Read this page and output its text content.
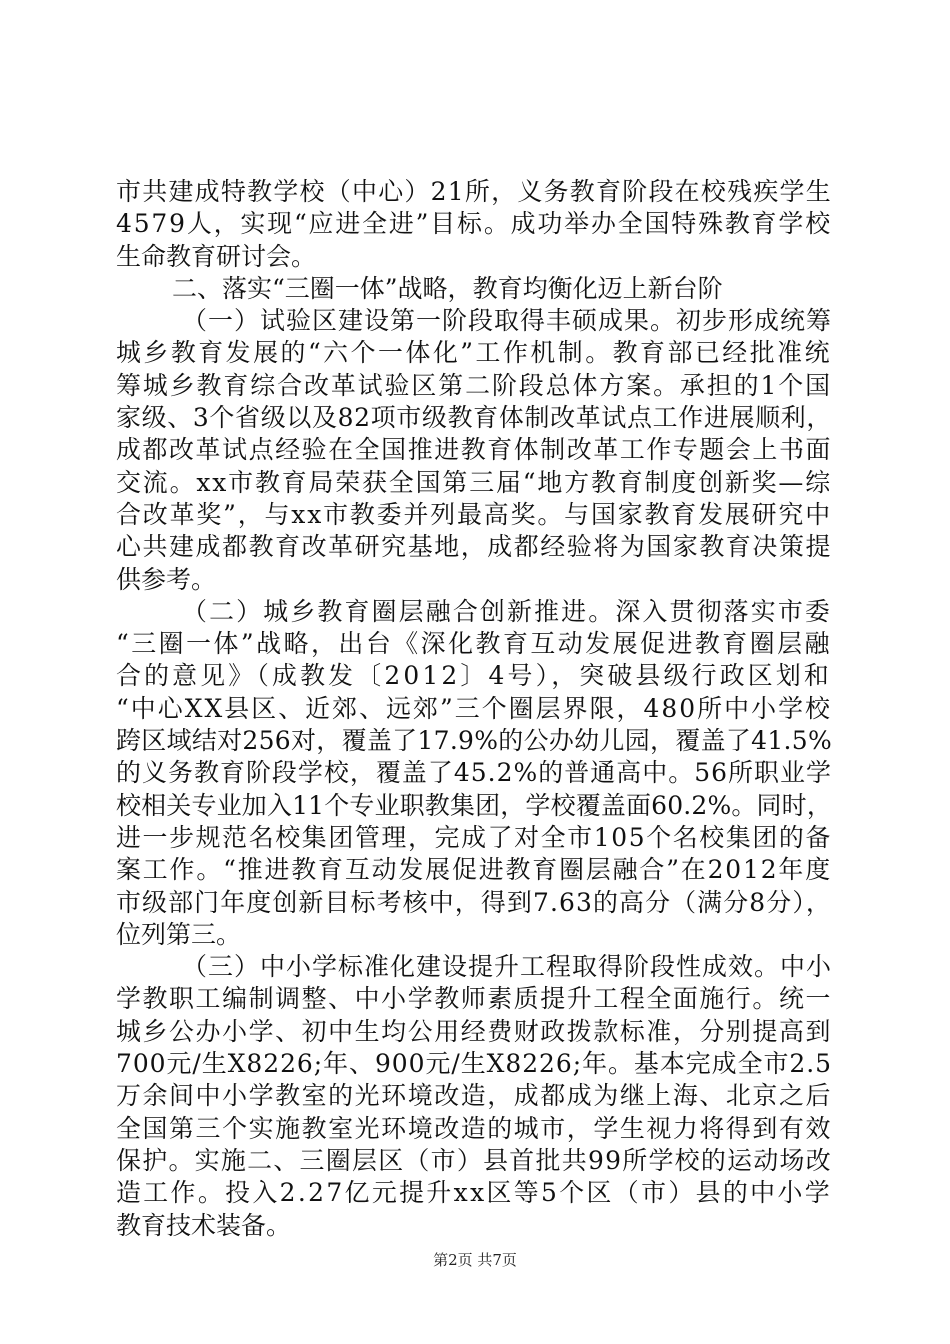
市共建成特教学校（中心）21所，义务教育阶段在校残疾学生
4579人，实现“应进全进”目标。成功举办全国特殊教育学校
生命教育研讨会。
二、落实“三圈一体”战略，教育均衡化迈上新台阶
（一）试验区建设第一阶段取得丰硕成果。初步形成统筹
城乡教育发展的“六个一体化”工作机制。教育部已经批准统
筹城乡教育综合改革试验区第二阶段总体方案。承担的1个国
家级、3个省级以及82项市级教育体制改革试点工作进展顺利，
成都改革试点经验在全国推进教育体制改革工作专题会上书面
交流。xx市教育局荣获全国第三届“地方教育制度创新奖—综
合改革奖”，与xx市教委并列最高奖。与国家教育发展研究中
心共建成都教育改革研究基地，成都经验将为国家教育决策提
供参考。
（二）城乡教育圈层融合创新推进。深入贯彻落实市委
“三圈一体”战略，出台《深化教育互动发展促进教育圈层融
合的意见》（成教发〔2012〕4号），突破县级行政区划和
“中心XX县区、近郊、远郊”三个圈层界限，480所中小学校
跨区域结对256对，覆盖了17.9%的公办幼儿园，覆盖了41.5%
的义务教育阶段学校，覆盖了45.2%的普通高中。56所职业学
校相关专业加入11个专业职教集团，学校覆盖面60.2%。同时，
进一步规范名校集团管理，完成了对全市105个名校集团的备
案工作。“推进教育互动发展促进教育圈层融合”在2012年度
市级部门年度创新目标考核中，得到7.63的高分（满分8分），
位列第三。
（三）中小学标准化建设提升工程取得阶段性成效。中小
学教职工编制调整、中小学教师素质提升工程全面施行。统一
城乡公办小学、初中生均公用经费财政拨款标准，分别提高到
700元/生X8226;年、900元/生X8226;年。基本完成全市2.5
万余间中小学教室的光环境改造，成都成为继上海、北京之后
全国第三个实施教室光环境改造的城市，学生视力将得到有效
保护。实施二、三圈层区（市）县首批共99所学校的运动场改
造工作。投入2.27亿元提升xx区等5个区（市）县的中小学
教育技术装备。
第2页 共7页
